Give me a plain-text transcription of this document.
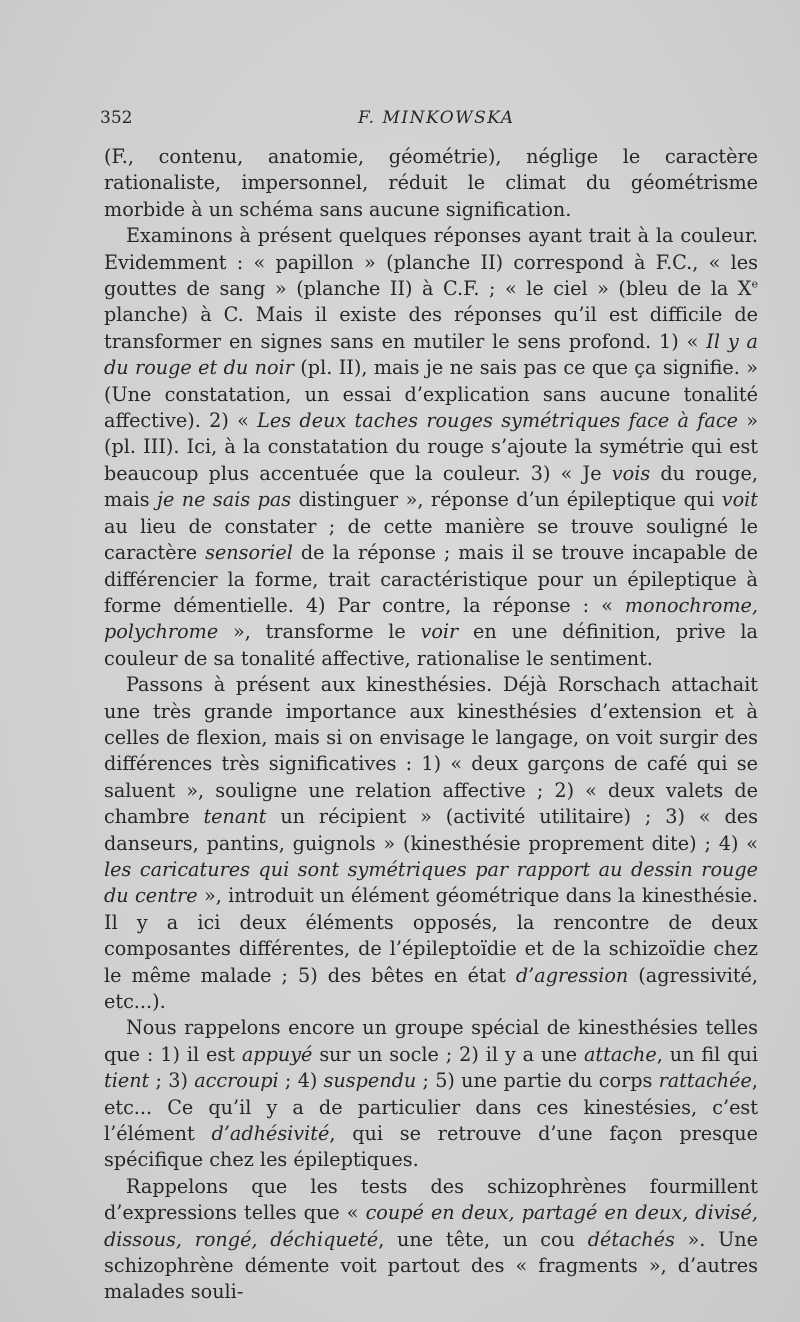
352	F. MINKOWSKA

(F., contenu, anatomie, géométrie), néglige le caractère rationaliste, impersonnel, réduit le climat du géométrisme morbide à un schéma sans aucune signification.

Examinons à présent quelques réponses ayant trait à la couleur. Evidemment : « papillon » (planche II) correspond à F.C., « les gouttes de sang » (planche II) à C.F. ; « le ciel » (bleu de la Xe planche) à C. Mais il existe des réponses qu’il est difficile de transformer en signes sans en mutiler le sens profond. 1) « Il y a du rouge et du noir (pl. II), mais je ne sais pas ce que ça signifie. » (Une constatation, un essai d’explication sans aucune tonalité affective). 2) « Les deux taches rouges symétriques face à face » (pl. III). Ici, à la constatation du rouge s’ajoute la symétrie qui est beaucoup plus accentuée que la couleur. 3) « Je vois du rouge, mais je ne sais pas distinguer », réponse d’un épileptique qui voit au lieu de constater ; de cette manière se trouve souligné le caractère sensoriel de la réponse ; mais il se trouve incapable de différencier la forme, trait caractéristique pour un épileptique à forme démentielle. 4) Par contre, la réponse : « monochrome, polychrome », transforme le voir en une définition, prive la couleur de sa tonalité affective, rationalise le sentiment.

Passons à présent aux kinesthésies. Déjà Rorschach attachait une très grande importance aux kinesthésies d’extension et à celles de flexion, mais si on envisage le langage, on voit surgir des différences très significatives : 1) « deux garçons de café qui se saluent », souligne une relation affective ; 2) « deux valets de chambre tenant un récipient » (activité utilitaire) ; 3) « des danseurs, pantins, guignols » (kinesthésie proprement dite) ; 4) « les caricatures qui sont symétriques par rapport au dessin rouge du centre », introduit un élément géométrique dans la kinesthésie. Il y a ici deux éléments opposés, la rencontre de deux composantes différentes, de l’épileptoïdie et de la schizoïdie chez le même malade ; 5) des bêtes en état d’agression (agressivité, etc...).

Nous rappelons encore un groupe spécial de kinesthésies telles que : 1) il est appuyé sur un socle ; 2) il y a une attache, un fil qui tient ; 3) accroupi ; 4) suspendu ; 5) une partie du corps rattachée, etc... Ce qu’il y a de particulier dans ces kinestésies, c’est l’élément d’adhésivité, qui se retrouve d’une façon presque spécifique chez les épileptiques.

Rappelons que les tests des schizophrènes fourmillent d’expressions telles que « coupé en deux, partagé en deux, divisé, dissous, rongé, déchiqueté, une tête, un cou détachés ». Une schizophrène démente voit partout des « fragments », d’autres malades souli-
